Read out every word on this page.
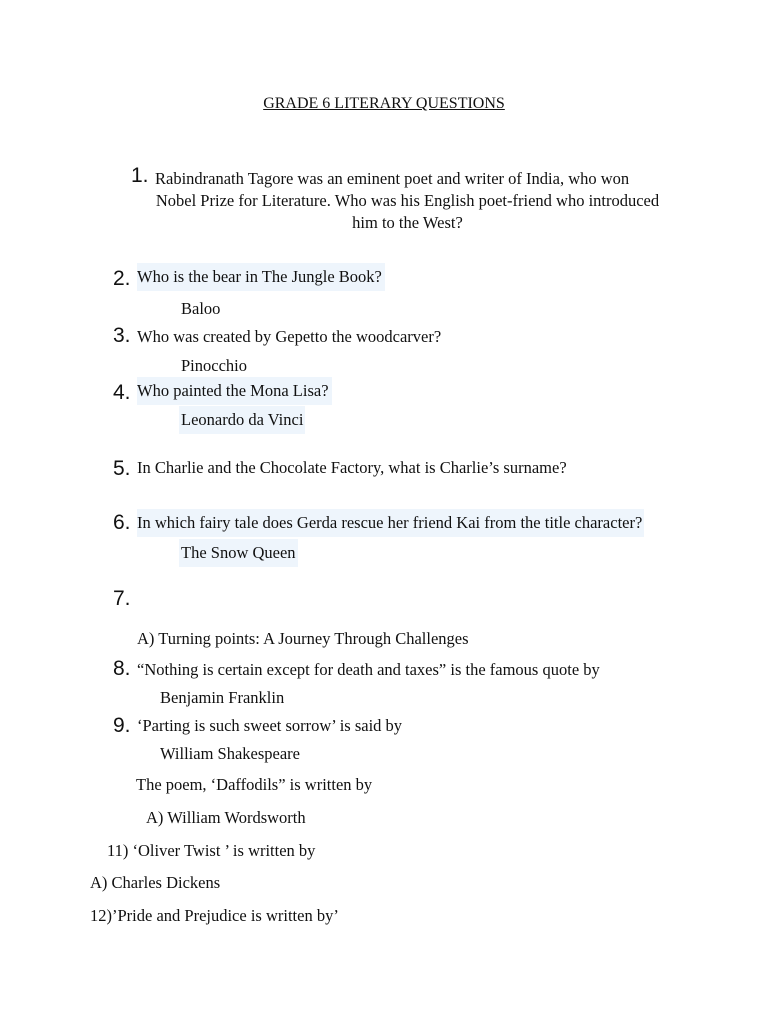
GRADE 6 LITERARY QUESTIONS
1. Rabindranath Tagore was an eminent poet and writer of India, who won
Nobel Prize for Literature. Who was his English poet-friend who introduced
him to the West?
2. Who is the bear in The Jungle Book?
Baloo
3. Who was created by Gepetto the woodcarver?
Pinocchio
4. Who painted the Mona Lisa?
Leonardo da Vinci
5. In Charlie and the Chocolate Factory, what is Charlie’s surname?
6. In which fairy tale does Gerda rescue her friend Kai from the title character?
The Snow Queen
7.
A) Turning points: A Journey Through Challenges
8. “Nothing is certain except for death and taxes” is the famous quote by
Benjamin Franklin
9. ‘Parting is such sweet sorrow’ is said by
William Shakespeare
The poem, ‘Daffodils” is written by
A) William Wordsworth
11) ‘Oliver Twist ’ is written by
A) Charles Dickens
12)’Pride and Prejudice is written by’
